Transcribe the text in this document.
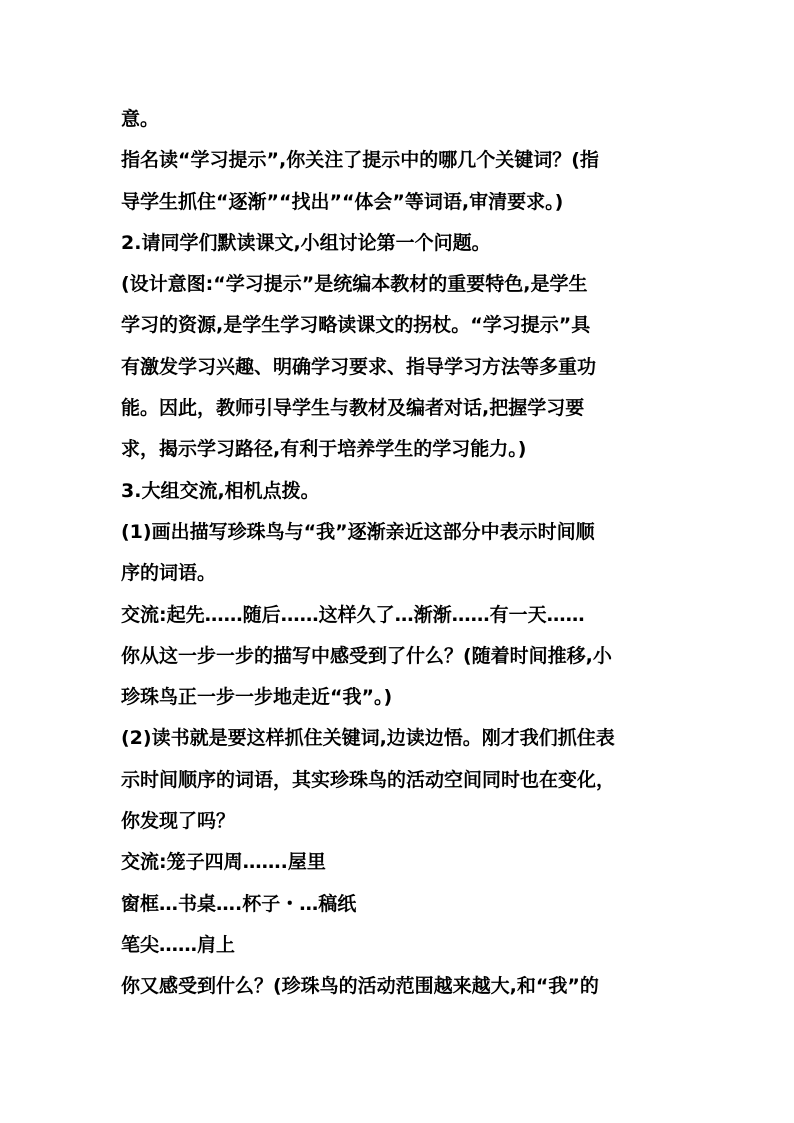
意。
指名读“学习提示”,你关注了提示中的哪几个关键词？(指
导学生抓住“逐渐”“找出”“体会”等词语,审清要求。)
2.请同学们默读课文,小组讨论第一个问题。
(设计意图:“学习提示”是统编本教材的重要特色,是学生
学习的资源,是学生学习略读课文的拐杖。“学习提示”具
有激发学习兴趣、明确学习要求、指导学习方法等多重功
能。因此，教师引导学生与教材及编者对话,把握学习要
求，揭示学习路径,有利于培养学生的学习能力。)
3.大组交流,相机点拨。
(1)画出描写珍珠鸟与“我”逐渐亲近这部分中表示时间顺
序的词语。
交流:起先……随后……这样久了…渐渐……有一天……
你从这一步一步的描写中感受到了什么？(随着时间推移,小
珍珠鸟正一步一步地走近“我”。)
(2)读书就是要这样抓住关键词,边读边悟。刚才我们抓住表
示时间顺序的词语，其实珍珠鸟的活动空间同时也在变化，
你发现了吗？
交流:笼子四周…….屋里
窗框…书桌….杯子・…稿纸
笔尖……肩上
你又感受到什么？(珍珠鸟的活动范围越来越大,和“我”的
